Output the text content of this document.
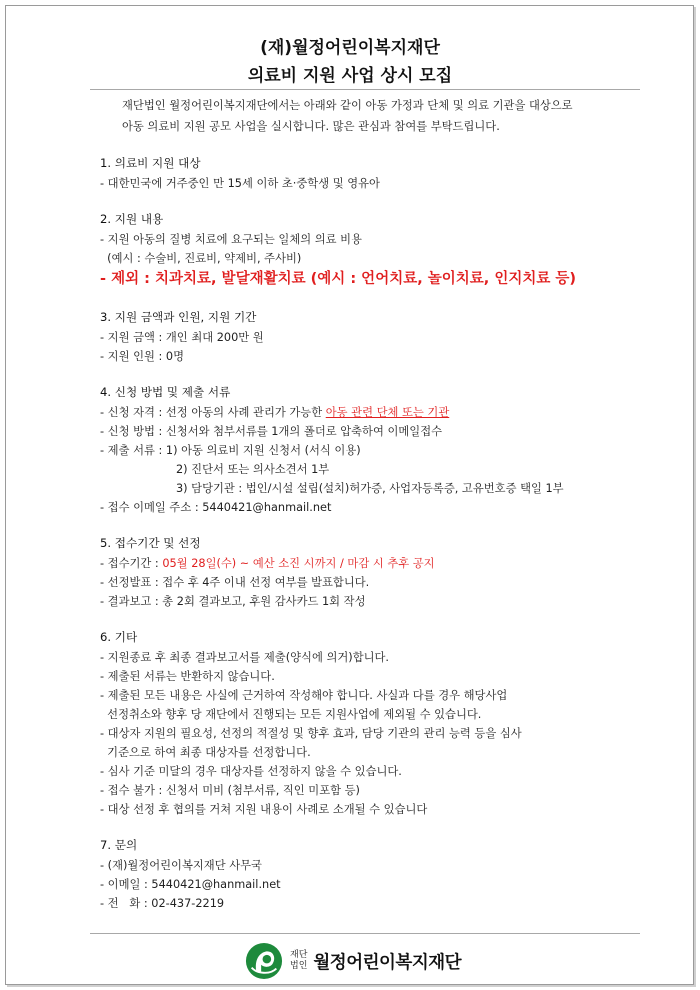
(재)월정어린이복지재단
의료비 지원 사업 상시 모집
재단법인 월정어린이복지재단에서는 아래와 같이 아동 가정과 단체 및 의료 기관을 대상으로
아동 의료비 지원 공모 사업을 실시합니다. 많은 관심과 참여를 부탁드립니다.
1. 의료비 지원 대상
- 대한민국에 거주중인 만 15세 이하 초·중학생 및 영유아
2. 지원 내용
- 지원 아동의 질병 치료에 요구되는 일체의 의료 비용
(예시 : 수술비, 진료비, 약제비, 주사비)
- 제외 : 치과치료, 발달재활치료 (예시 : 언어치료, 놀이치료, 인지치료 등)
3. 지원 금액과 인원, 지원 기간
- 지원 금액 : 개인 최대 200만 원
- 지원 인원 : 0명
4. 신청 방법 및 제출 서류
- 신청 자격 : 선정 아동의 사례 관리가 가능한 아동 관련 단체 또는 기관
- 신청 방법 : 신청서와 첨부서류를 1개의 폴더로 압축하여 이메일접수
- 제출 서류 : 1) 아동 의료비 지원 신청서 (서식 이용)
2) 진단서 또는 의사소견서 1부
3) 담당기관 : 법인/시설 설립(설치)허가증, 사업자등록증, 고유번호증 택일 1부
- 접수 이메일 주소 : 5440421@hanmail.net
5. 접수기간 및 선정
- 접수기간 : 05월 28일(수) ~ 예산 소진 시까지 / 마감 시 추후 공지
- 선정발표 : 접수 후 4주 이내 선정 여부를 발표합니다.
- 결과보고 : 총 2회 결과보고, 후원 감사카드 1회 작성
6. 기타
- 지원종료 후 최종 결과보고서를 제출(양식에 의거)합니다.
- 제출된 서류는 반환하지 않습니다.
- 제출된 모든 내용은 사실에 근거하여 작성해야 합니다. 사실과 다를 경우 해당사업
선정취소와 향후 당 재단에서 진행되는 모든 지원사업에 제외될 수 있습니다.
- 대상자 지원의 필요성, 선정의 적절성 및 향후 효과, 담당 기관의 관리 능력 등을 심사
기준으로 하여 최종 대상자를 선정합니다.
- 심사 기준 미달의 경우 대상자를 선정하지 않을 수 있습니다.
- 접수 불가 : 신청서 미비 (첨부서류, 직인 미포함 등)
- 대상 선정 후 협의를 거쳐 지원 내용이 사례로 소개될 수 있습니다
7. 문의
- (재)월정어린이복지재단 사무국
- 이메일 : 5440421@hanmail.net
- 전   화 : 02-437-2219
재단
법인 월정어린이복지재단
